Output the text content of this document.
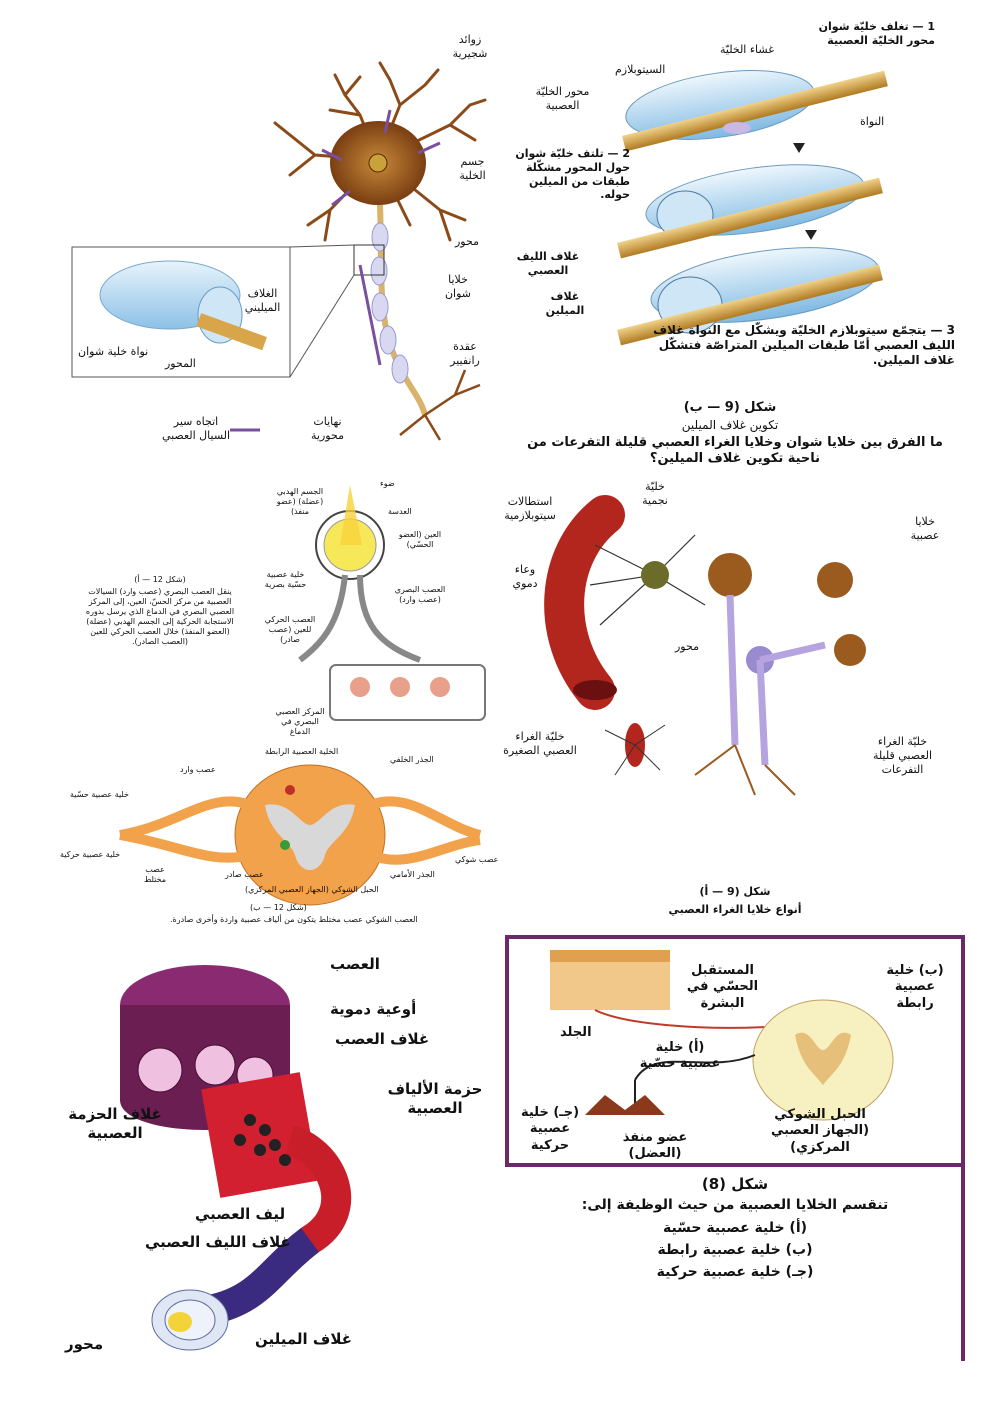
زوائد شجيرية
جسم الخلية
محور
خلايا شوان
عقدة رانفيير
نهايات محورية
اتجاه سير السيال العصبي
الغلاف الميليني
نواة خلية شوان
المحور
1 — تغلف خليّة شوان محور الخليّة العصبية
غشاء الخليّة
السيتوبلازم
محور الخليّة العصبية
النواة
2 — تلتف خليّة شوان حول المحور مشكّلة طبقات من الميلين حوله.
غلاف الليف العصبي
غلاف الميلين
3 — يتجمّع سيتوبلازم الخليّة ويشكّل مع النواة غلاف الليف العصبي أمّا طبقات الميلين المتراصّة فتشكّل غلاف الميلين.
شكل (9 — ب)
تكوين غلاف الميلين
ما الفرق بين خلايا شوان وخلايا الغراء العصبي قليلة التفرعات من ناحية تكوين غلاف الميلين؟
ضوء
الجسم الهدبي (عضلة) (عضو منفذ)	العدسة
العين (العضو الحسّي)
خلية عصبية حسّية بصرية
العصب البصري (عصب وارد)
العصب الحركي للعين (عصب صادر)
المركز العصبي البصري في الدماغ
(شكل 12 — أ)
ينقل العصب البصري (عصب وارد) السيالات العصبية من مركز الحسّ، العين، إلى المركز العصبي البصري في الدماغ الذي يرسل بدوره الاستجابة الحركية إلى الجسم الهدبي (عضلة) (العضو المنفذ) خلال العصب الحركي للعين (العصب الصادر).
الخلية العصبية الرابطة
الجذر الخلفي
عصب وارد
خلية عصبية حسّية
خلية عصبية حركية
عصب مختلط
عصب صادر	الجذر الأمامي
عصب شوكي
الحبل الشوكي (الجهاز العصبي المركزي)
(شكل 12 — ب)
العصب الشوكي عصب مختلط يتكون من ألياف عصبية واردة وأخرى صادرة.
استطالات سيتوبلازمية
خليّة نجمية
خلايا عصبية
وعاء دموي
محور
خليّة الغراء العصبي الصغيرة
خليّة الغراء العصبي قليلة التفرعات
شكل (9 — أ)
أنواع خلايا الغراء العصبي
العصب
أوعية دموية
غلاف العصب
حزمة الألياف العصبية
غلاف الحزمة العصبية
ليف العصبي
غلاف الليف العصبي
غلاف الميلين
محور
المستقبل الحسّي في البشرة
(ب) خلية عصبية رابطة
الجلد
(أ) خلية عصبية حسّية
(جـ) خلية عصبية حركية
الحبل الشوكي (الجهاز العصبي المركزي)
عضو منفذ (العضل)
شكل (8)
تنقسم الخلايا العصبية من حيث الوظيفة إلى:
(أ) خلية عصبية حسّية
(ب) خلية عصبية رابطة
(جـ) خلية عصبية حركية
